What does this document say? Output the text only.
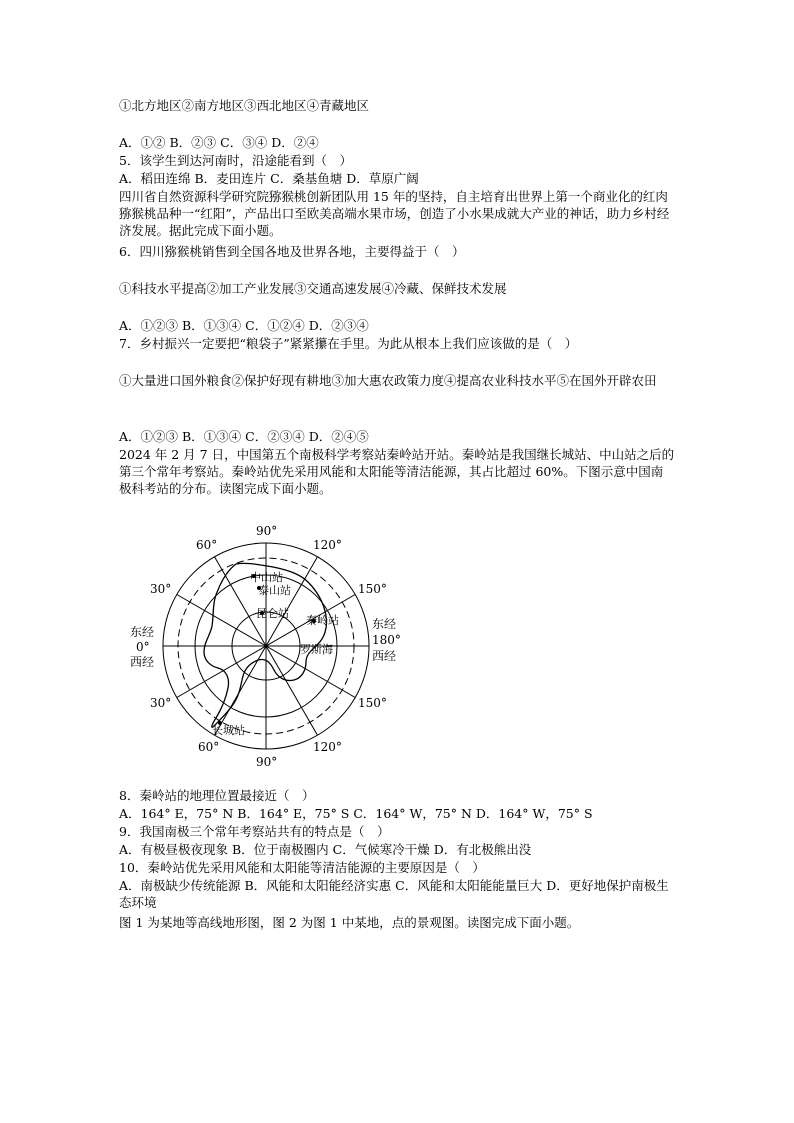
①北方地区②南方地区③西北地区④青藏地区
A．①② B．②③ C．③④ D．②④
5．该学生到达河南时，沿途能看到（　）
A．稻田连绵 B．麦田连片 C．桑基鱼塘 D．草原广阔
四川省自然资源科学研究院猕猴桃创新团队用 15 年的坚持，自主培育出世界上第一个商业化的红肉猕猴桃品种一“红阳”，产品出口至欧美高端水果市场，创造了小水果成就大产业的神话，助力乡村经济发展。据此完成下面小题。
6．四川猕猴桃销售到全国各地及世界各地，主要得益于（　）
①科技水平提高②加工产业发展③交通高速发展④冷藏、保鲜技术发展
A．①②③ B．①③④ C．①②④ D．②③④
7．乡村振兴一定要把“粮袋子”紧紧攥在手里。为此从根本上我们应该做的是（　）
①大量进口国外粮食②保护好现有耕地③加大惠农政策力度④提高农业科技水平⑤在国外开辟农田
A．①②③ B．①③④ C．②③④ D．②④⑤
2024 年 2 月 7 日，中国第五个南极科学考察站秦岭站开站。秦岭站是我国继长城站、中山站之后的第三个常年考察站。秦岭站优先采用风能和太阳能等清洁能源，其占比超过 60%。下图示意中国南极科考站的分布。读图完成下面小题。
90°
60°	120°
30°	150°
东经
0°
西经
东经
180°
西经
30°	150°
60°	120°
90°
中山站
泰山站
昆仑站
秦岭站
罗斯海
长城站
8．秦岭站的地理位置最接近（　）
A．164° E，75° N B．164° E，75° S C．164° W，75° N D．164° W，75° S
9．我国南极三个常年考察站共有的特点是（　）
A．有极昼极夜现象 B．位于南极圈内 C．气候寒冷干燥 D．有北极熊出没
10．秦岭站优先采用风能和太阳能等清洁能源的主要原因是（　）
A．南极缺少传统能源 B．风能和太阳能经济实惠 C．风能和太阳能能量巨大 D．更好地保护南极生态环境
图 1 为某地等高线地形图，图 2 为图 1 中某地，点的景观图。读图完成下面小题。
